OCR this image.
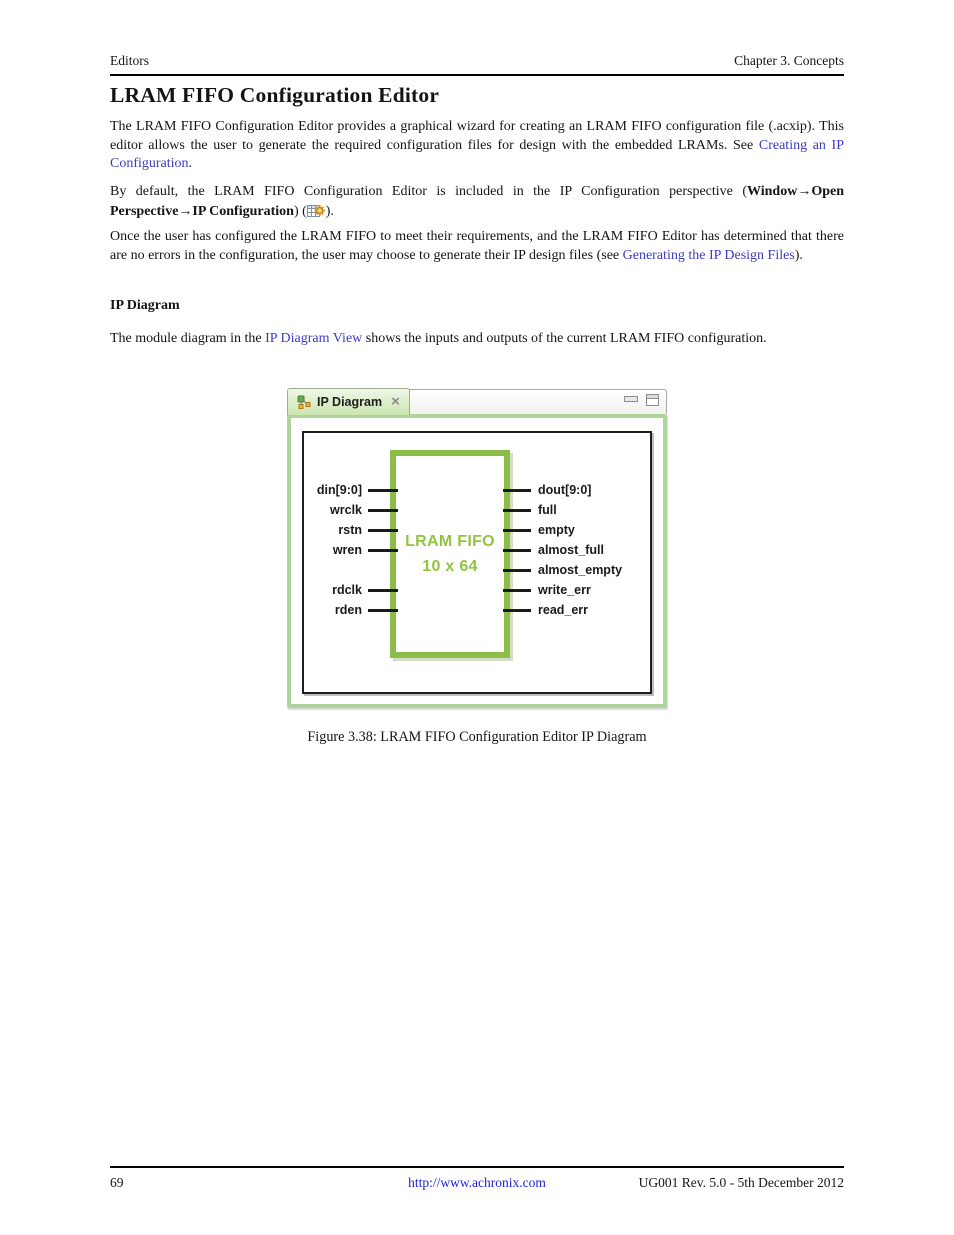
Editors	Chapter 3. Concepts
LRAM FIFO Configuration Editor
The LRAM FIFO Configuration Editor provides a graphical wizard for creating an LRAM FIFO configuration file (.acxip). This editor allows the user to generate the required configuration files for design with the embedded LRAMs. See Creating an IP Configuration.
By default, the LRAM FIFO Configuration Editor is included in the IP Configuration perspective (Window→Open Perspective→IP Configuration) ( ).
Once the user has configured the LRAM FIFO to meet their requirements, and the LRAM FIFO Editor has determined that there are no errors in the configuration, the user may choose to generate their IP design files (see Generating the IP Design Files).
IP Diagram
The module diagram in the IP Diagram View shows the inputs and outputs of the current LRAM FIFO configuration.
IP Diagram ×
LRAM FIFO
10 x 64
din[9:0]
wrclk
rstn
wren
rdclk
rden
dout[9:0]
full
empty
almost_full
almost_empty
write_err
read_err
Figure 3.38: LRAM FIFO Configuration Editor IP Diagram
69	http://www.achronix.com	UG001 Rev. 5.0 - 5th December 2012
